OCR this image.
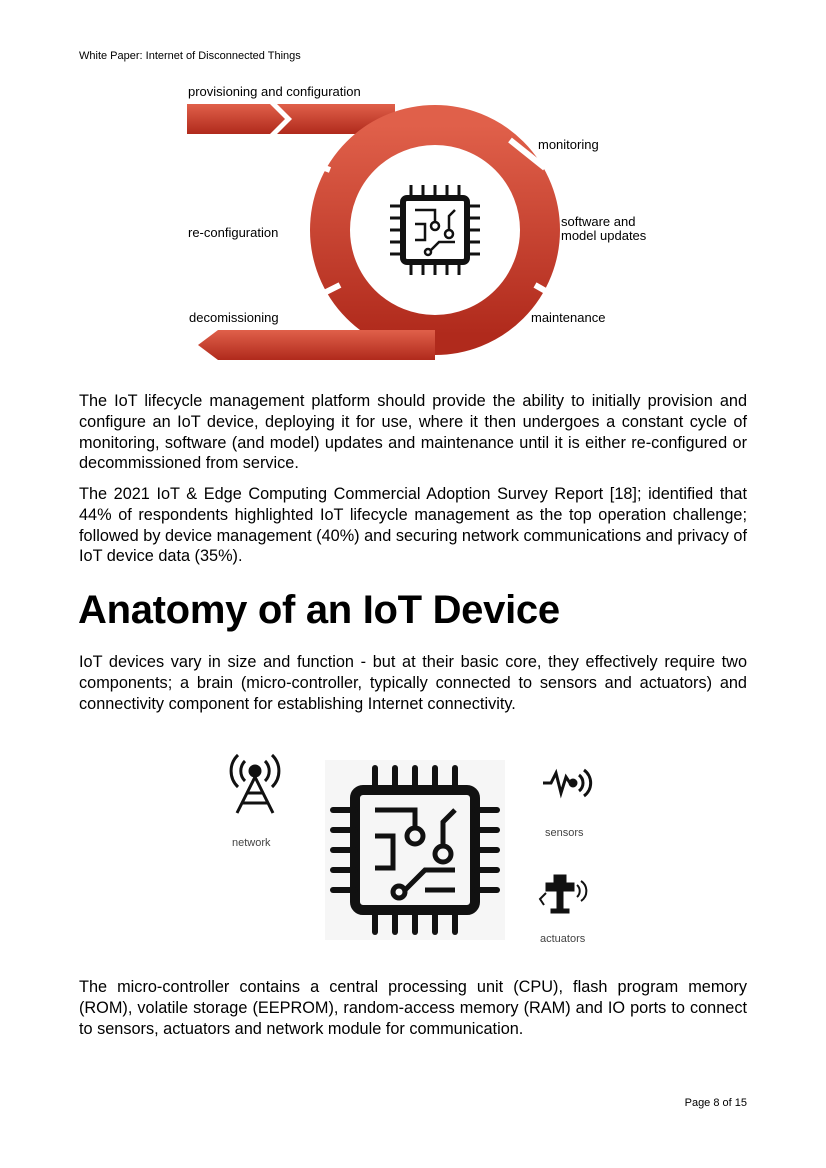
White Paper: Internet of Disconnected Things
provisioning and configuration
monitoring
software and
model updates
re-configuration
maintenance
decomissioning

The IoT lifecycle management platform should provide the ability to initially provision and configure an IoT device, deploying it for use, where it then undergoes a constant cycle of monitoring, software (and model) updates and maintenance until it is either re-configured or decommissioned from service.

The 2021 IoT & Edge Computing Commercial Adoption Survey Report [18]; identified that 44% of respondents highlighted IoT lifecycle management as the top operation challenge; followed by device management (40%) and securing network communications and privacy of IoT device data (35%).

Anatomy of an IoT Device

IoT devices vary in size and function - but at their basic core, they effectively require two components; a brain (micro-controller, typically connected to sensors and actuators) and connectivity component for establishing Internet connectivity.

network
sensors
actuators

The micro-controller contains a central processing unit (CPU), flash program memory (ROM), volatile storage (EEPROM), random-access memory (RAM) and IO ports to connect to sensors, actuators and network module for communication.

Page 8 of 15
